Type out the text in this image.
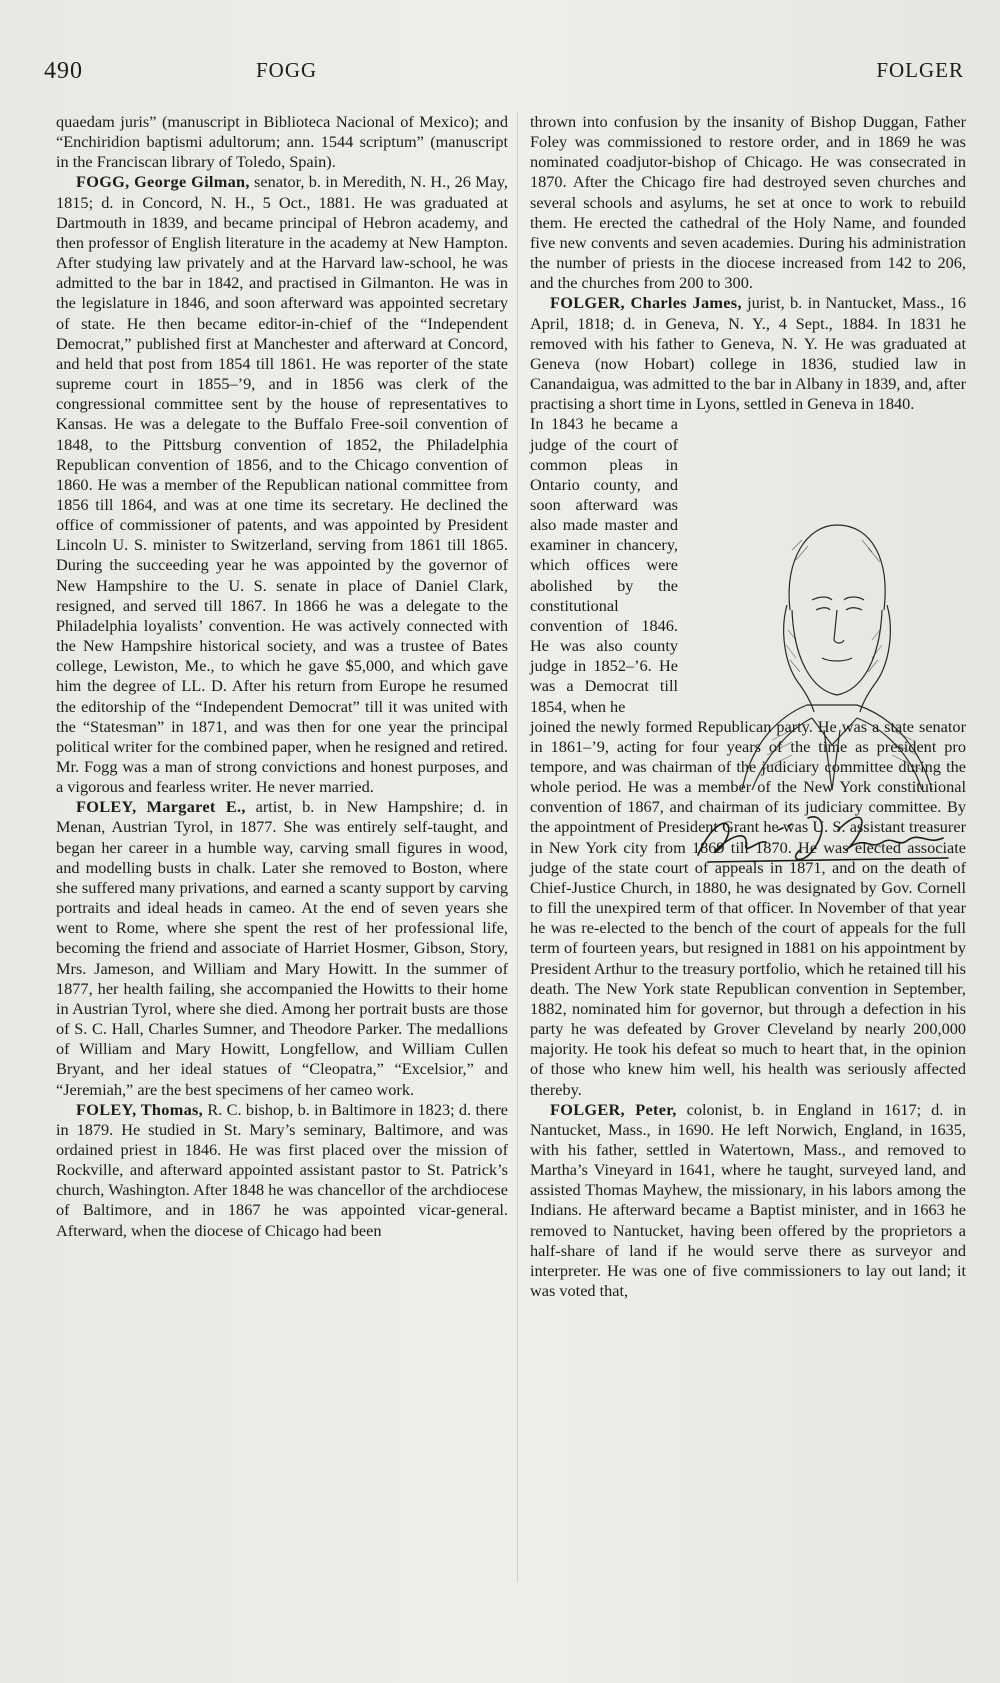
490	FOGG	FOLGER

quaedam juris” (manuscript in Biblioteca Nacional of Mexico); and “Enchiridion baptismi adultorum; ann. 1544 scriptum” (manuscript in the Franciscan library of Toledo, Spain).

FOGG, George Gilman, senator, b. in Meredith, N. H., 26 May, 1815; d. in Concord, N. H., 5 Oct., 1881. He was graduated at Dartmouth in 1839, and became principal of Hebron academy, and then professor of English literature in the academy at New Hampton. After studying law privately and at the Harvard law-school, he was admitted to the bar in 1842, and practised in Gilmanton. He was in the legislature in 1846, and soon afterward was appointed secretary of state. He then became editor-in-chief of the “Independent Democrat,” published first at Manchester and afterward at Concord, and held that post from 1854 till 1861. He was reporter of the state supreme court in 1855–’9, and in 1856 was clerk of the congressional committee sent by the house of representatives to Kansas. He was a delegate to the Buffalo Free-soil convention of 1848, to the Pittsburg convention of 1852, the Philadelphia Republican convention of 1856, and to the Chicago convention of 1860. He was a member of the Republican national committee from 1856 till 1864, and was at one time its secretary. He declined the office of commissioner of patents, and was appointed by President Lincoln U. S. minister to Switzerland, serving from 1861 till 1865. During the succeeding year he was appointed by the governor of New Hampshire to the U. S. senate in place of Daniel Clark, resigned, and served till 1867. In 1866 he was a delegate to the Philadelphia loyalists’ convention. He was actively connected with the New Hampshire historical society, and was a trustee of Bates college, Lewiston, Me., to which he gave $5,000, and which gave him the degree of LL. D. After his return from Europe he resumed the editorship of the “Independent Democrat” till it was united with the “Statesman” in 1871, and was then for one year the principal political writer for the combined paper, when he resigned and retired. Mr. Fogg was a man of strong convictions and honest purposes, and a vigorous and fearless writer. He never married.

FOLEY, Margaret E., artist, b. in New Hampshire; d. in Menan, Austrian Tyrol, in 1877. She was entirely self-taught, and began her career in a humble way, carving small figures in wood, and modelling busts in chalk. Later she removed to Boston, where she suffered many privations, and earned a scanty support by carving portraits and ideal heads in cameo. At the end of seven years she went to Rome, where she spent the rest of her professional life, becoming the friend and associate of Harriet Hosmer, Gibson, Story, Mrs. Jameson, and William and Mary Howitt. In the summer of 1877, her health failing, she accompanied the Howitts to their home in Austrian Tyrol, where she died. Among her portrait busts are those of S. C. Hall, Charles Sumner, and Theodore Parker. The medallions of William and Mary Howitt, Longfellow, and William Cullen Bryant, and her ideal statues of “Cleopatra,” “Excelsior,” and “Jeremiah,” are the best specimens of her cameo work.

FOLEY, Thomas, R. C. bishop, b. in Baltimore in 1823; d. there in 1879. He studied in St. Mary’s seminary, Baltimore, and was ordained priest in 1846. He was first placed over the mission of Rockville, and afterward appointed assistant pastor to St. Patrick’s church, Washington. After 1848 he was chancellor of the archdiocese of Baltimore, and in 1867 he was appointed vicar-general. Afterward, when the diocese of Chicago had been

thrown into confusion by the insanity of Bishop Duggan, Father Foley was commissioned to restore order, and in 1869 he was nominated coadjutor-bishop of Chicago. He was consecrated in 1870. After the Chicago fire had destroyed seven churches and several schools and asylums, he set at once to work to rebuild them. He erected the cathedral of the Holy Name, and founded five new convents and seven academies. During his administration the number of priests in the diocese increased from 142 to 206, and the churches from 200 to 300.

FOLGER, Charles James, jurist, b. in Nantucket, Mass., 16 April, 1818; d. in Geneva, N. Y., 4 Sept., 1884. In 1831 he removed with his father to Geneva, N. Y. He was graduated at Geneva (now Hobart) college in 1836, studied law in Canandaigua, was admitted to the bar in Albany in 1839, and, after practising a short time in Lyons, settled in Geneva in 1840.

In 1843 he became a judge of the court of common pleas in Ontario county, and soon afterward was also made master and examiner in chancery, which offices were abolished by the constitutional convention of 1846. He was also county judge in 1852–’6. He was a Democrat till 1854, when he

joined the newly formed Republican party. He was a state senator in 1861–’9, acting for four years of the time as president pro tempore, and was chairman of the judiciary committee during the whole period. He was a member of the New York constitutional convention of 1867, and chairman of its judiciary committee. By the appointment of President Grant he was U. S. assistant treasurer in New York city from 1869 till 1870. He was elected associate judge of the state court of appeals in 1871, and on the death of Chief-Justice Church, in 1880, he was designated by Gov. Cornell to fill the unexpired term of that officer. In November of that year he was re-elected to the bench of the court of appeals for the full term of fourteen years, but resigned in 1881 on his appointment by President Arthur to the treasury portfolio, which he retained till his death. The New York state Republican convention in September, 1882, nominated him for governor, but through a defection in his party he was defeated by Grover Cleveland by nearly 200,000 majority. He took his defeat so much to heart that, in the opinion of those who knew him well, his health was seriously affected thereby.

FOLGER, Peter, colonist, b. in England in 1617; d. in Nantucket, Mass., in 1690. He left Norwich, England, in 1635, with his father, settled in Watertown, Mass., and removed to Martha’s Vineyard in 1641, where he taught, surveyed land, and assisted Thomas Mayhew, the missionary, in his labors among the Indians. He afterward became a Baptist minister, and in 1663 he removed to Nantucket, having been offered by the proprietors a half-share of land if he would serve there as surveyor and interpreter. He was one of five commissioners to lay out land; it was voted that,
